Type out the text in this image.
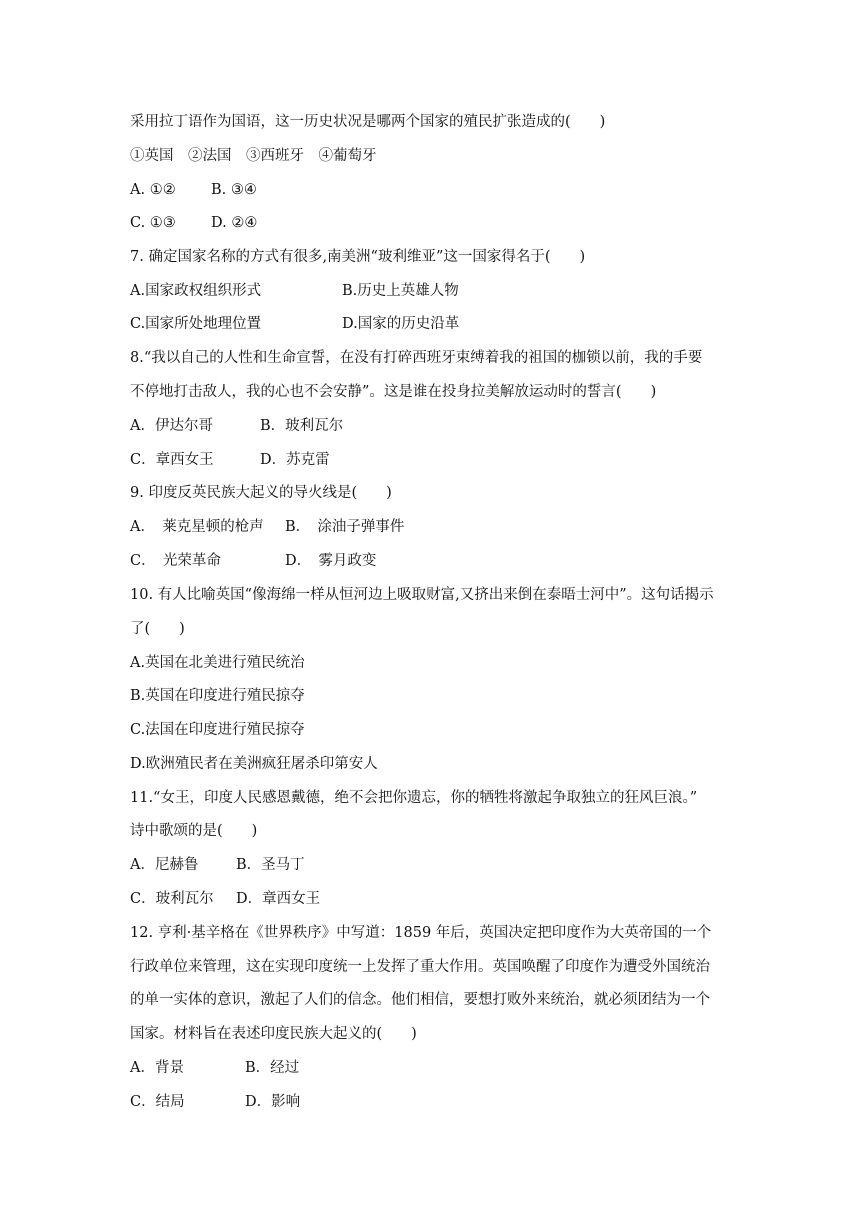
采用拉丁语作为国语，这一历史状况是哪两个国家的殖民扩张造成的(　　)
①英国　②法国　③西班牙　④葡萄牙
A. ①② B. ③④
C. ①③ D. ②④
7. 确定国家名称的方式有很多,南美洲“玻利维亚”这一国家得名于(　　)
A.国家政权组织形式	B.历史上英雄人物
C.国家所处地理位置	D.国家的历史沿革
8.“我以自己的人性和生命宣誓，在没有打碎西班牙束缚着我的祖国的枷锁以前，我的手要
不停地打击敌人，我的心也不会安静”。这是谁在投身拉美解放运动时的誓言(　　)
A．伊达尔哥	B．玻利瓦尔
C．章西女王	D．苏克雷
9. 印度反英民族大起义的导火线是(　　)
A．　莱克星顿的枪声 B．　涂油子弹事件
C．　光荣革命	D．　雾月政变
10. 有人比喻英国“像海绵一样从恒河边上吸取财富,又挤出来倒在泰晤士河中”。这句话揭示
了(　　)
A.英国在北美进行殖民统治
B.英国在印度进行殖民掠夺
C.法国在印度进行殖民掠夺
D.欧洲殖民者在美洲疯狂屠杀印第安人
11.“女王，印度人民感恩戴德，绝不会把你遗忘，你的牺牲将激起争取独立的狂风巨浪。”
诗中歌颂的是(　　)
A．尼赫鲁	B．圣马丁
C．玻利瓦尔 D．章西女王
12. 亨利·基辛格在《世界秩序》中写道：1859 年后，英国决定把印度作为大英帝国的一个
行政单位来管理，这在实现印度统一上发挥了重大作用。英国唤醒了印度作为遭受外国统治
的单一实体的意识，激起了人们的信念。他们相信，要想打败外来统治，就必须团结为一个
国家。材料旨在表述印度民族大起义的(　　)
A．背景	B．经过
C．结局	D．影响
